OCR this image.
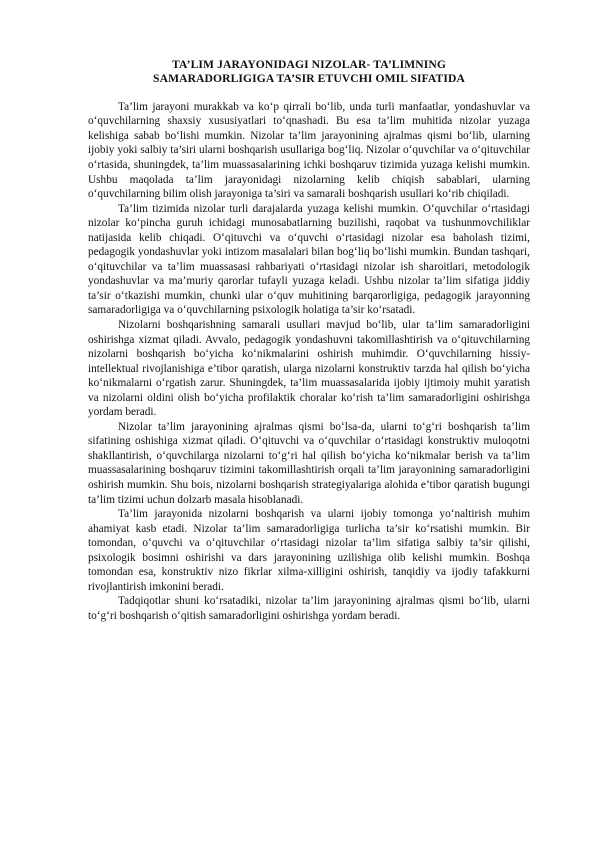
TA’LIM JARAYONIDAGI NIZOLAR- TA’LIMNING
SAMARADORLIGIGA TA’SIR ETUVCHI OMIL SIFATIDA

Ta’lim jarayoni murakkab va ko‘p qirrali bo‘lib, unda turli manfaatlar, yondashuvlar va o‘quvchilarning shaxsiy xususiyatlari to‘qnashadi. Bu esa ta’lim muhitida nizolar yuzaga kelishiga sabab bo‘lishi mumkin. Nizolar ta’lim jarayonining ajralmas qismi bo‘lib, ularning ijobiy yoki salbiy ta’siri ularni boshqarish usullariga bog‘liq. Nizolar o‘quvchilar va o‘qituvchilar o‘rtasida, shuningdek, ta’lim muassasalarining ichki boshqaruv tizimida yuzaga kelishi mumkin. Ushbu maqolada ta’lim jarayonidagi nizolarning kelib chiqish sabablari, ularning o‘quvchilarning bilim olish jarayoniga ta’siri va samarali boshqarish usullari ko‘rib chiqiladi.

Ta’lim tizimida nizolar turli darajalarda yuzaga kelishi mumkin. O‘quvchilar o‘rtasidagi nizolar ko‘pincha guruh ichidagi munosabatlarning buzilishi, raqobat va tushunmovchiliklar natijasida kelib chiqadi. O‘qituvchi va o‘quvchi o‘rtasidagi nizolar esa baholash tizimi, pedagogik yondashuvlar yoki intizom masalalari bilan bog‘liq bo‘lishi mumkin. Bundan tashqari, o‘qituvchilar va ta’lim muassasasi rahbariyati o‘rtasidagi nizolar ish sharoitlari, metodologik yondashuvlar va ma’muriy qarorlar tufayli yuzaga keladi. Ushbu nizolar ta’lim sifatiga jiddiy ta’sir o‘tkazishi mumkin, chunki ular o‘quv muhitining barqarorligiga, pedagogik jarayonning samaradorligiga va o‘quvchilarning psixologik holatiga ta’sir ko‘rsatadi.

Nizolarni boshqarishning samarali usullari mavjud bo‘lib, ular ta’lim samaradorligini oshirishga xizmat qiladi. Avvalo, pedagogik yondashuvni takomillashtirish va o‘qituvchilarning nizolarni boshqarish bo‘yicha ko‘nikmalarini oshirish muhimdir. O‘quvchilarning hissiy-intellektual rivojlanishiga e’tibor qaratish, ularga nizolarni konstruktiv tarzda hal qilish bo‘yicha ko‘nikmalarni o‘rgatish zarur. Shuningdek, ta’lim muassasalarida ijobiy ijtimoiy muhit yaratish va nizolarni oldini olish bo‘yicha profilaktik choralar ko‘rish ta’lim samaradorligini oshirishga yordam beradi.

Nizolar ta’lim jarayonining ajralmas qismi bo‘lsa-da, ularni to‘g‘ri boshqarish ta’lim sifatining oshishiga xizmat qiladi. O‘qituvchi va o‘quvchilar o‘rtasidagi konstruktiv muloqotni shakllantirish, o‘quvchilarga nizolarni to‘g‘ri hal qilish bo‘yicha ko‘nikmalar berish va ta’lim muassasalarining boshqaruv tizimini takomillashtirish orqali ta’lim jarayonining samaradorligini oshirish mumkin. Shu bois, nizolarni boshqarish strategiyalariga alohida e’tibor qaratish bugungi ta’lim tizimi uchun dolzarb masala hisoblanadi.

Ta’lim jarayonida nizolarni boshqarish va ularni ijobiy tomonga yo‘naltirish muhim ahamiyat kasb etadi. Nizolar ta’lim samaradorligiga turlicha ta’sir ko‘rsatishi mumkin. Bir tomondan, o‘quvchi va o‘qituvchilar o‘rtasidagi nizolar ta’lim sifatiga salbiy ta’sir qilishi, psixologik bosimni oshirishi va dars jarayonining uzilishiga olib kelishi mumkin. Boshqa tomondan esa, konstruktiv nizo fikrlar xilma-xilligini oshirish, tanqidiy va ijodiy tafakkurni rivojlantirish imkonini beradi.

Tadqiqotlar shuni ko‘rsatadiki, nizolar ta’lim jarayonining ajralmas qismi bo‘lib, ularni to‘g‘ri boshqarish o‘qitish samaradorligini oshirishga yordam beradi.
